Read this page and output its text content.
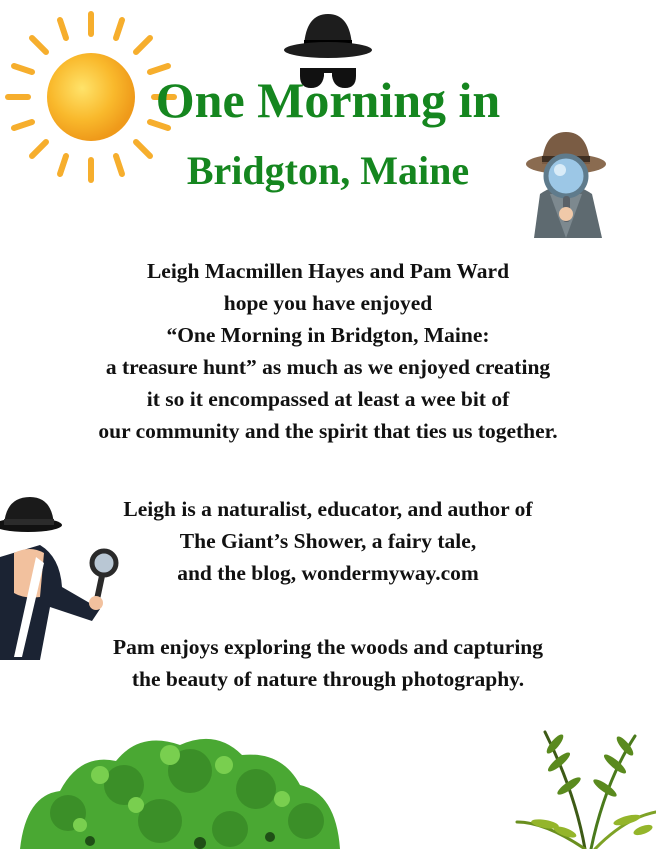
One Morning in
Bridgton, Maine

Leigh Macmillen Hayes and Pam Ward
hope you have enjoyed
“One Morning in Bridgton, Maine:
a treasure hunt” as much as we enjoyed creating
it so it encompassed at least a wee bit of
our community and the spirit that ties us together.

Leigh is a naturalist, educator, and author of
The Giant’s Shower, a fairy tale,
and the blog, wondermyway.com

Pam enjoys exploring the woods and capturing
the beauty of nature through photography.
